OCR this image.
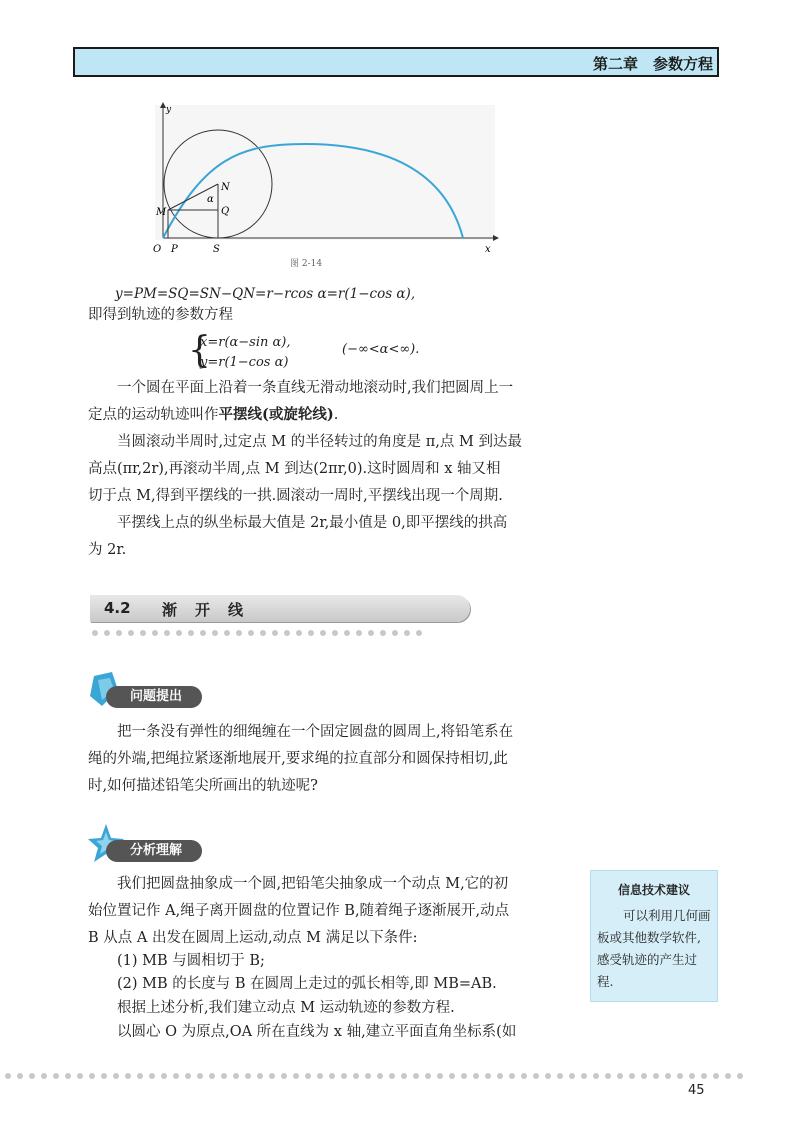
第二章　参数方程
y
x
O P	S
M
N
Q
α
图 2-14
y=PM=SQ=SN−QN=r−rcos α=r(1−cos α),
即得到轨迹的参数方程
{
x=r(α−sin α),
y=r(1−cos α)
(−∞<α<∞).
一个圆在平面上沿着一条直线无滑动地滚动时,我们把圆周上一
定点的运动轨迹叫作平摆线(或旋轮线).
当圆滚动半周时,过定点 M 的半径转过的角度是 π,点 M 到达最
高点(πr,2r),再滚动半周,点 M 到达(2πr,0).这时圆周和 x 轴又相
切于点 M,得到平摆线的一拱.圆滚动一周时,平摆线出现一个周期.
平摆线上点的纵坐标最大值是 2r,最小值是 0,即平摆线的拱高
为 2r.
4.2 渐开线
问题提出
把一条没有弹性的细绳缠在一个固定圆盘的圆周上,将铅笔系在
绳的外端,把绳拉紧逐渐地展开,要求绳的拉直部分和圆保持相切,此
时,如何描述铅笔尖所画出的轨迹呢?
分析理解
我们把圆盘抽象成一个圆,把铅笔尖抽象成一个动点 M,它的初
始位置记作 A,绳子离开圆盘的位置记作 B,随着绳子逐渐展开,动点
B 从点 A 出发在圆周上运动,动点 M 满足以下条件:
(1) MB 与圆相切于 B;
(2) MB 的长度与 B 在圆周上走过的弧长相等,即 MB=AB.
根据上述分析,我们建立动点 M 运动轨迹的参数方程.
以圆心 O 为原点,OA 所在直线为 x 轴,建立平面直角坐标系(如
信息技术建议
可以利用几何画板或其他数学软件,感受轨迹的产生过程.
45
